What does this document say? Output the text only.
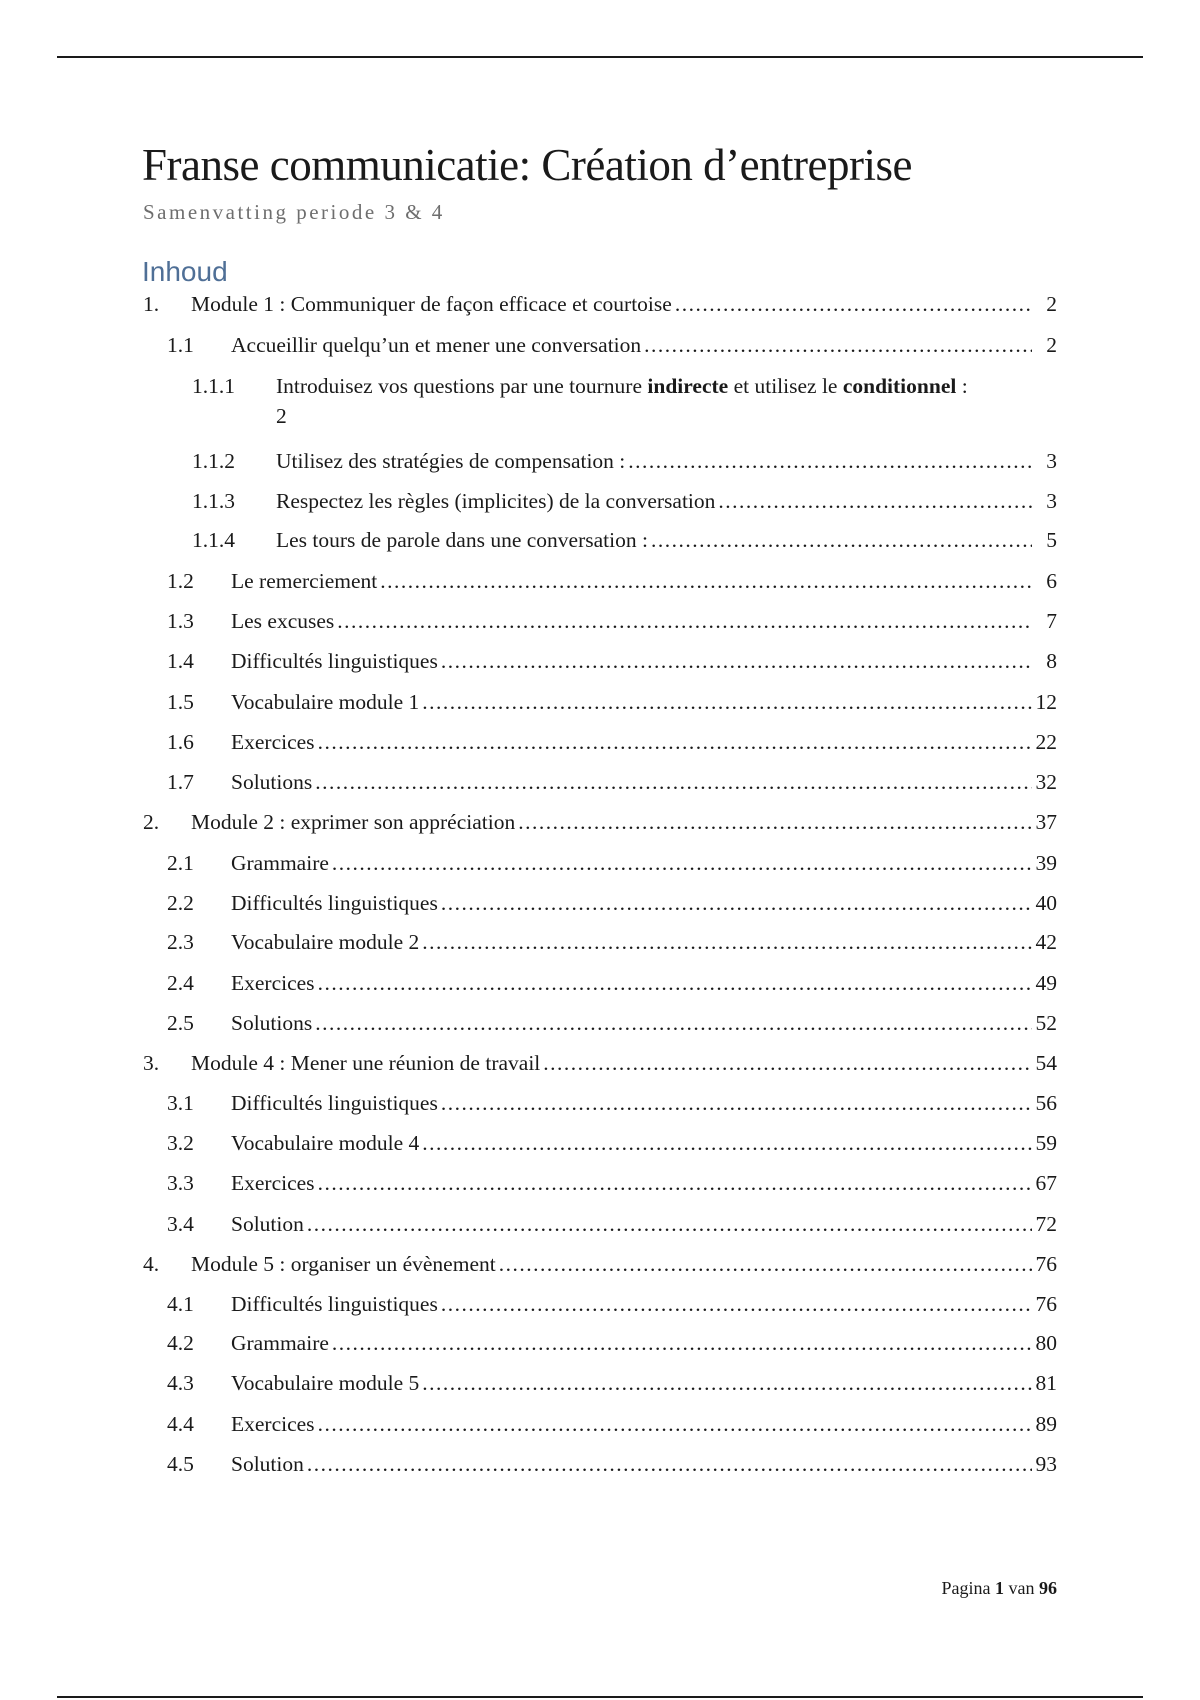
Franse communicatie: Création d’entreprise
Samenvatting periode 3 & 4
Inhoud
1. Module 1 : Communiquer de façon efficace et courtoise .....	2
1.1 Accueillir quelqu’un et mener une conversation .....	2
1.1.1 Introduisez vos questions par une tournure indirecte et utilisez le conditionnel :
2
1.1.2 Utilisez des stratégies de compensation : .....	3
1.1.3 Respectez les règles (implicites) de la conversation .....	3
1.1.4 Les tours de parole dans une conversation : .....	5
1.2 Le remerciement .....	6
1.3 Les excuses .....	7
1.4 Difficultés linguistiques .....	8
1.5 Vocabulaire module 1 .....	12
1.6 Exercices .....	22
1.7 Solutions .....	32
2. Module 2 : exprimer son appréciation .....	37
2.1 Grammaire .....	39
2.2 Difficultés linguistiques .....	40
2.3 Vocabulaire module 2 .....	42
2.4 Exercices .....	49
2.5 Solutions .....	52
3. Module 4 : Mener une réunion de travail .....	54
3.1 Difficultés linguistiques .....	56
3.2 Vocabulaire module 4 .....	59
3.3 Exercices .....	67
3.4 Solution .....	72
4. Module 5 : organiser un évènement .....	76
4.1 Difficultés linguistiques .....	76
4.2 Grammaire .....	80
4.3 Vocabulaire module 5 .....	81
4.4 Exercices .....	89
4.5 Solution .....	93
Pagina 1 van 96
